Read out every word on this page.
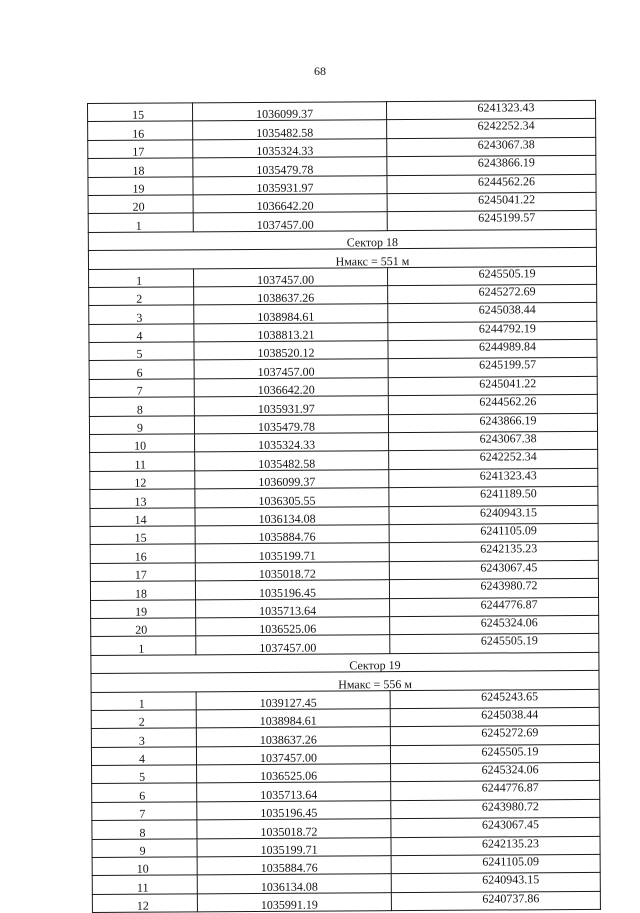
68
15	1036099.37	6241323.43
16	1035482.58	6242252.34
17	1035324.33	6243067.38
18	1035479.78	6243866.19
19	1035931.97	6244562.26
20	1036642.20	6245041.22
1	1037457.00	6245199.57
Сектор 18		
Нмакс = 551 м		
1	1037457.00	6245505.19
2	1038637.26	6245272.69
3	1038984.61	6245038.44
4	1038813.21	6244792.19
5	1038520.12	6244989.84
6	1037457.00	6245199.57
7	1036642.20	6245041.22
8	1035931.97	6244562.26
9	1035479.78	6243866.19
10	1035324.33	6243067.38
11	1035482.58	6242252.34
12	1036099.37	6241323.43
13	1036305.55	6241189.50
14	1036134.08	6240943.15
15	1035884.76	6241105.09
16	1035199.71	6242135.23
17	1035018.72	6243067.45
18	1035196.45	6243980.72
19	1035713.64	6244776.87
20	1036525.06	6245324.06
1	1037457.00	6245505.19
Сектор 19		
Нмакс = 556 м		
1	1039127.45	6245243.65
2	1038984.61	6245038.44
3	1038637.26	6245272.69
4	1037457.00	6245505.19
5	1036525.06	6245324.06
6	1035713.64	6244776.87
7	1035196.45	6243980.72
8	1035018.72	6243067.45
9	1035199.71	6242135.23
10	1035884.76	6241105.09
11	1036134.08	6240943.15
12	1035991.19	6240737.86
